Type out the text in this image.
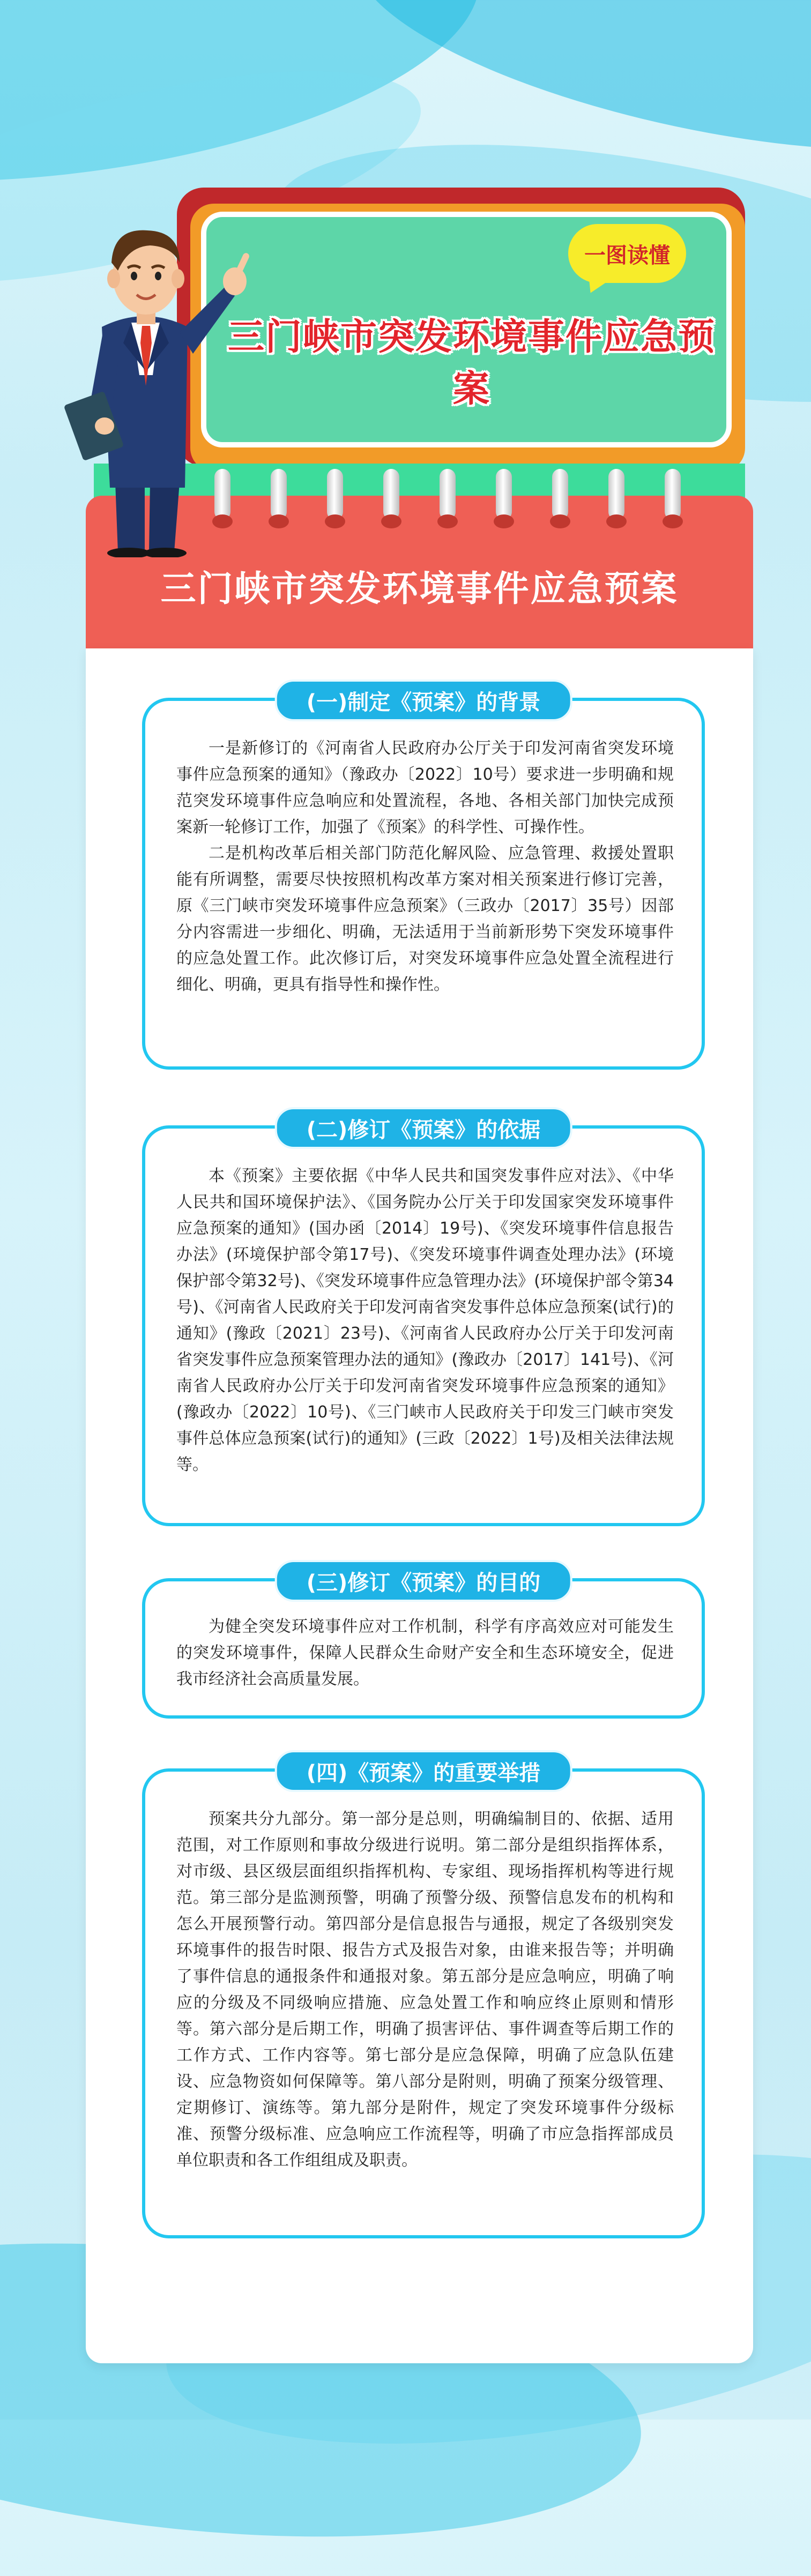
一图读懂
三门峡市突发环境事件应急预案
三门峡市突发环境事件应急预案
(一)制定《预案》的背景

一是新修订的《河南省人民政府办公厅关于印发河南省突发环境事件应急预案的通知》（豫政办〔2022〕10号）要求进一步明确和规范突发环境事件应急响应和处置流程，各地、各相关部门加快完成预案新一轮修订工作，加强了《预案》的科学性、可操作性。

二是机构改革后相关部门防范化解风险、应急管理、救援处置职能有所调整，需要尽快按照机构改革方案对相关预案进行修订完善，原《三门峡市突发环境事件应急预案》（三政办〔2017〕35号）因部分内容需进一步细化、明确，无法适用于当前新形势下突发环境事件的应急处置工作。此次修订后，对突发环境事件应急处置全流程进行细化、明确，更具有指导性和操作性。

(二)修订《预案》的依据

本《预案》主要依据《中华人民共和国突发事件应对法》、《中华人民共和国环境保护法》、《国务院办公厅关于印发国家突发环境事件应急预案的通知》(国办函〔2014〕19号)、《突发环境事件信息报告办法》(环境保护部令第17号)、《突发环境事件调查处理办法》(环境保护部令第32号)、《突发环境事件应急管理办法》(环境保护部令第34号)、《河南省人民政府关于印发河南省突发事件总体应急预案(试行)的通知》(豫政〔2021〕23号)、《河南省人民政府办公厅关于印发河南省突发事件应急预案管理办法的通知》(豫政办〔2017〕141号)、《河南省人民政府办公厅关于印发河南省突发环境事件应急预案的通知》(豫政办〔2022〕10号)、《三门峡市人民政府关于印发三门峡市突发事件总体应急预案(试行)的通知》(三政〔2022〕1号)及相关法律法规等。

(三)修订《预案》的目的

为健全突发环境事件应对工作机制，科学有序高效应对可能发生的突发环境事件，保障人民群众生命财产安全和生态环境安全，促进我市经济社会高质量发展。

(四)《预案》的重要举措

预案共分九部分。第一部分是总则，明确编制目的、依据、适用范围，对工作原则和事故分级进行说明。第二部分是组织指挥体系，对市级、县区级层面组织指挥机构、专家组、现场指挥机构等进行规范。第三部分是监测预警，明确了预警分级、预警信息发布的机构和怎么开展预警行动。第四部分是信息报告与通报，规定了各级别突发环境事件的报告时限、报告方式及报告对象，由谁来报告等；并明确了事件信息的通报条件和通报对象。第五部分是应急响应，明确了响应的分级及不同级响应措施、应急处置工作和响应终止原则和情形等。第六部分是后期工作，明确了损害评估、事件调查等后期工作的工作方式、工作内容等。第七部分是应急保障，明确了应急队伍建设、应急物资如何保障等。第八部分是附则，明确了预案分级管理、定期修订、演练等。第九部分是附件，规定了突发环境事件分级标准、预警分级标准、应急响应工作流程等，明确了市应急指挥部成员单位职责和各工作组组成及职责。
